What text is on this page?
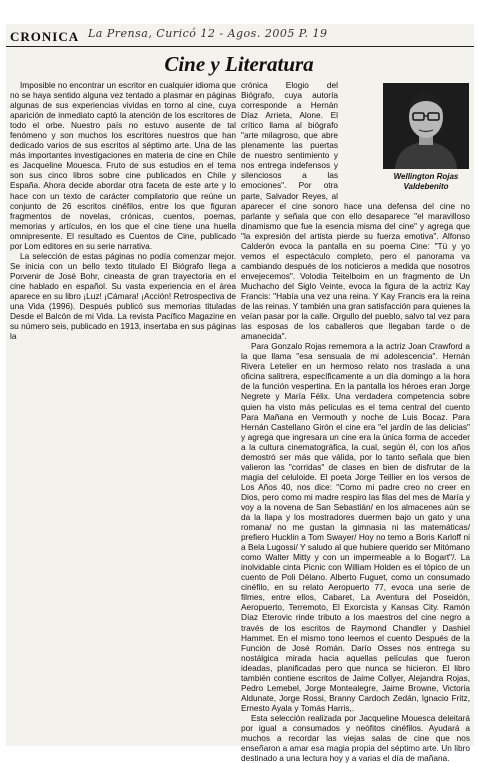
CRONICA La Prensa, Curicó 12 - Agos. 2005 P. 19
Cine y Literatura

Imposible no encontrar un escritor en cualquier idioma que no se haya sentido alguna vez tentado a plasmar en páginas algunas de sus experiencias vividas en torno al cine, cuya aparición de inmediato captó la atención de los escritores de todo el orbe. Nuestro país no estuvo ausente de tal fenómeno y son muchos los escritores nuestros que han dedicado varios de sus escritos al séptimo arte. Una de las más importantes investigaciones en materia de cine en Chile es Jacqueline Mouesca. Fruto de sus estudios en el tema son sus cinco libros sobre cine publicados en Chile y España. Ahora decide abordar otra faceta de este arte y lo hace con un texto de carácter compilatorio que reúne un conjunto de 26 escritos cinéfilos, entre los que figuran fragmentos de novelas, crónicas, cuentos, poemas, memorias y artículos, en los que el cine tiene una huella omnipresente. El resultado es Cuentos de Cine, publicado por Lom editores en su serie narrativa.

La selección de estas páginas no podía comenzar mejor. Se inicia con un bello texto titulado El Biógrafo llega a Porvenir de José Bohr, cineasta de gran trayectoria en el cine hablado en español. Su vasta experiencia en el área aparece en su libro ¡Luz! ¡Cámara! ¡Acción! Retrospectiva de una Vida (1996). Después publicó sus memorias tituladas Desde el Balcón de mi Vida. La revista Pacífico Magazine en su número seis, publicado en 1913, insertaba en sus páginas la

crónica Elogio del Biógrafo, cuya autoría corresponde a Hernán Díaz Arrieta, Alone. El crítico llama al biógrafo "arte milagroso, que abre plenamente las puertas de nuestro sentimiento y nos entrega indefensos y silenciosos a las emociones". Por otra parte, Salvador Reyes, al aparecer el cine sonoro hace una defensa del cine no parlante y señala que con ello desaparece "el maravilloso dinamismo que fue la esencia misma del cine" y agrega que "la expresión del artista pierde su fuerza emotiva". Alfonso Calderón evoca la pantalla en su poema Cine: "Tú y yo vemos el espectáculo completo, pero el panorama va cambiando después de los noticieros a medida que nosotros envejecemos". Volodia Teitelboim en un fragmento de Un Muchacho del Siglo Veinte, evoca la figura de la actriz Kay Francis: "Había una vez una reina. Y Kay Francis era la reina de las reinas. Y también una gran satisfacción para quienes la veían pasar por la calle. Orgullo del pueblo, salvo tal vez para las esposas de los caballeros que llegaban tarde o de amanecida".

Para Gonzalo Rojas rememora a la actriz Joan Crawford a la que llama "esa sensuala de mi adolescencia". Hernán Rivera Letelier en un hermoso relato nos traslada a una oficina salitrera, específicamente a un día domingo a la hora de la función vespertina. En la pantalla los héroes eran Jorge Negrete y María Félix. Una verdadera competencia sobre quien ha visto más películas es el tema central del cuento Para Mañana en Vermouth y noche de Luis Bocaz. Para Hernán Castellano Girón el cine era "el jardín de las delicias" y agrega que ingresara un cine era la única forma de acceder a la cultura cinematográfica, la cual, según él, con los años demostró ser más que válida, por lo tanto señala que bien valieron las "corridas" de clases en bien de disfrutar de la magia del celuloide. El poeta Jorge Teillier en los versos de Los Años 40, nos dice: "Como mi padre creo no creer en Dios, pero como mi madre respiro las filas del mes de María y voy a la novena de San Sebastián/ en los almacenes aún se da la llapa y los mostradores duermen bajo un gato y una romana/ no me gustan la gimnasia ni las matemáticas/ prefiero Hucklin a Tom Swayer/ Hoy no temo a Boris Karloff ni a Bela Lugossi/ Y saludo al que hubiere querido ser Mitómano como Walter Mitty y con un impermeable a lo Bogart"/. La inolvidable cinta Picnic con William Holden es el tópico de un cuento de Poli Délano. Alberto Fuguet, como un consumado cinéfilo, en su relato Aeropuerto 77, evoca una serie de filmes, entre ellos, Cabaret, La Aventura del Poseidón, Aeropuerto, Terremoto, El Exorcista y Kansas City. Ramón Díaz Eterovic rinde tributo a los maestros del cine negro a través de los escritos de Raymond Chandler y Dashiel Hammet. En el mismo tono leemos el cuento Después de la Función de José Román. Darío Osses nos entrega su nostálgica mirada hacia aquellas películas que fueron ideadas, planificadas pero que nunca se hicieron. El libro también contiene escritos de Jaime Collyer, Alejandra Rojas, Pedro Lemebel, Jorge Montealegre, Jaime Browne, Victoria Aldunate, Jorge Rossi, Branny Cardoch Zedán, Ignacio Fritz, Ernesto Ayala y Tomás Harris,.

Esta selección realizada por Jacqueline Mouesca deleitará por igual a consumados y neófitos cinéfilos. Ayudará a muchos a recordar las viejas salas de cine que nos enseñaron a amar esa magia propia del séptimo arte. Un libro destinado a una lectura hoy y a varias el día de mañana.

Wellington Rojas
Valdebenito
